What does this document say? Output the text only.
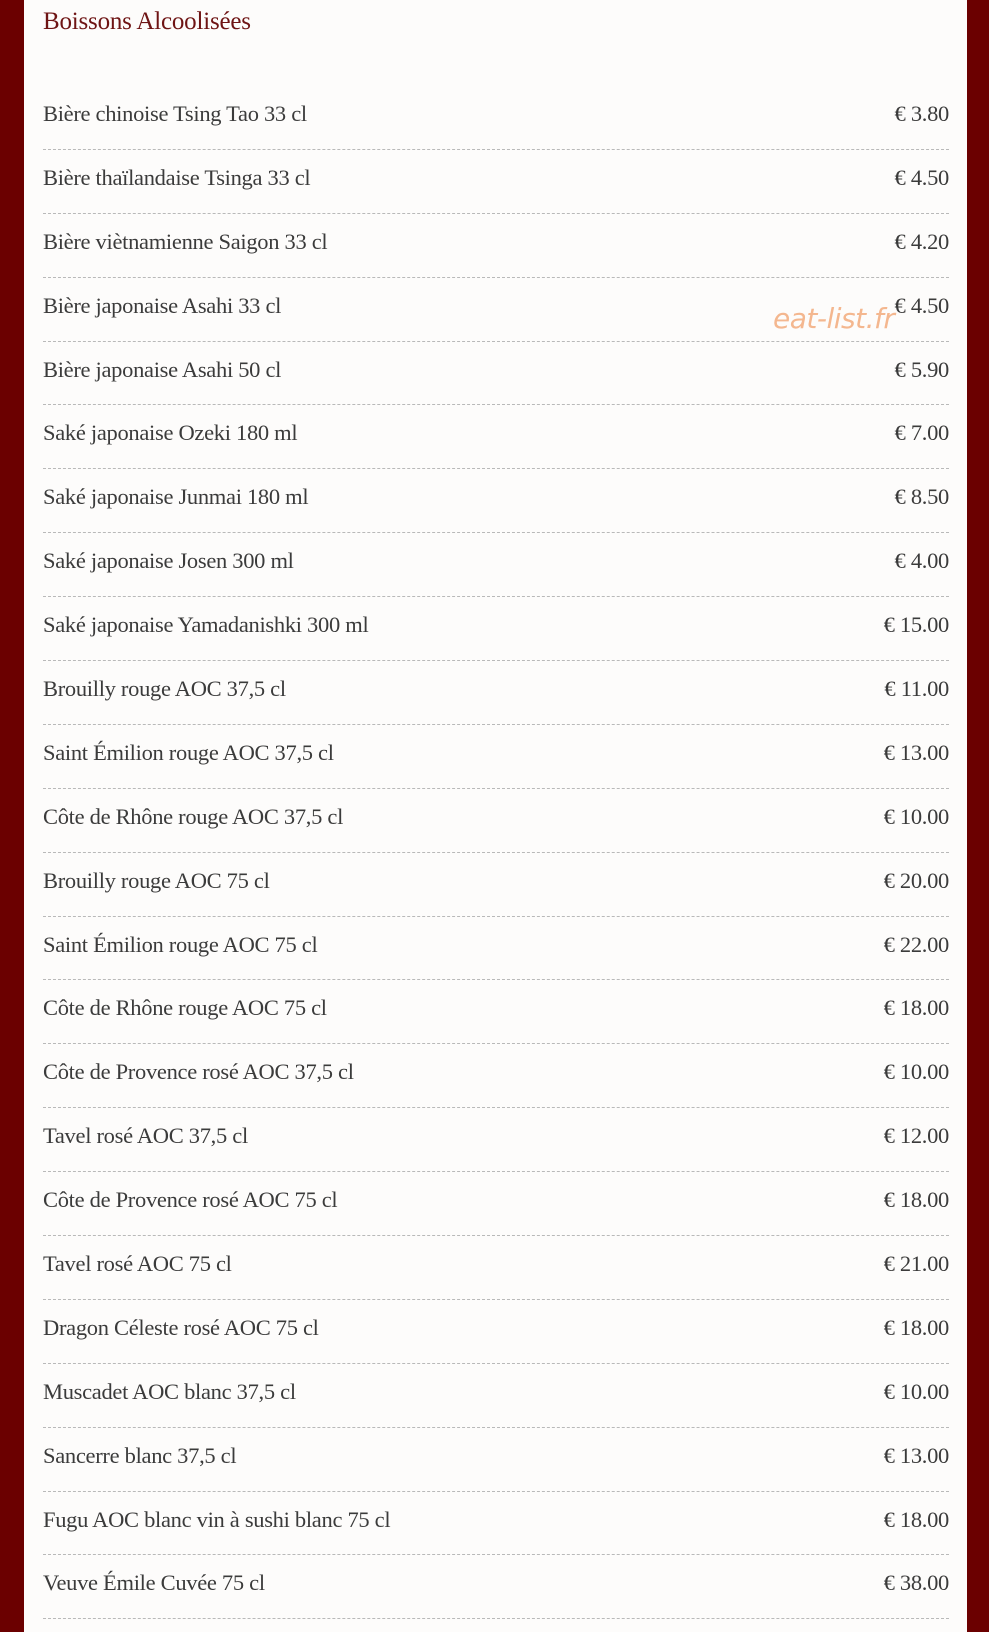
Boissons Alcoolisées
Bière chinoise Tsing Tao 33 cl	€ 3.80
Bière thaïlandaise Tsinga 33 cl	€ 4.50
Bière viètnamienne Saigon 33 cl	€ 4.20
Bière japonaise Asahi 33 cl	€ 4.50
Bière japonaise Asahi 50 cl	€ 5.90
Saké japonaise Ozeki 180 ml	€ 7.00
Saké japonaise Junmai 180 ml	€ 8.50
Saké japonaise Josen 300 ml	€ 4.00
Saké japonaise Yamadanishki 300 ml	€ 15.00
Brouilly rouge AOC 37,5 cl	€ 11.00
Saint Émilion rouge AOC 37,5 cl	€ 13.00
Côte de Rhône rouge AOC 37,5 cl	€ 10.00
Brouilly rouge AOC 75 cl	€ 20.00
Saint Émilion rouge AOC 75 cl	€ 22.00
Côte de Rhône rouge AOC 75 cl	€ 18.00
Côte de Provence rosé AOC 37,5 cl	€ 10.00
Tavel rosé AOC 37,5 cl	€ 12.00
Côte de Provence rosé AOC 75 cl	€ 18.00
Tavel rosé AOC 75 cl	€ 21.00
Dragon Céleste rosé AOC 75 cl	€ 18.00
Muscadet AOC blanc 37,5 cl	€ 10.00
Sancerre blanc 37,5 cl	€ 13.00
Fugu AOC blanc vin à sushi blanc 75 cl	€ 18.00
Veuve Émile Cuvée 75 cl	€ 38.00
eat-list.fr
